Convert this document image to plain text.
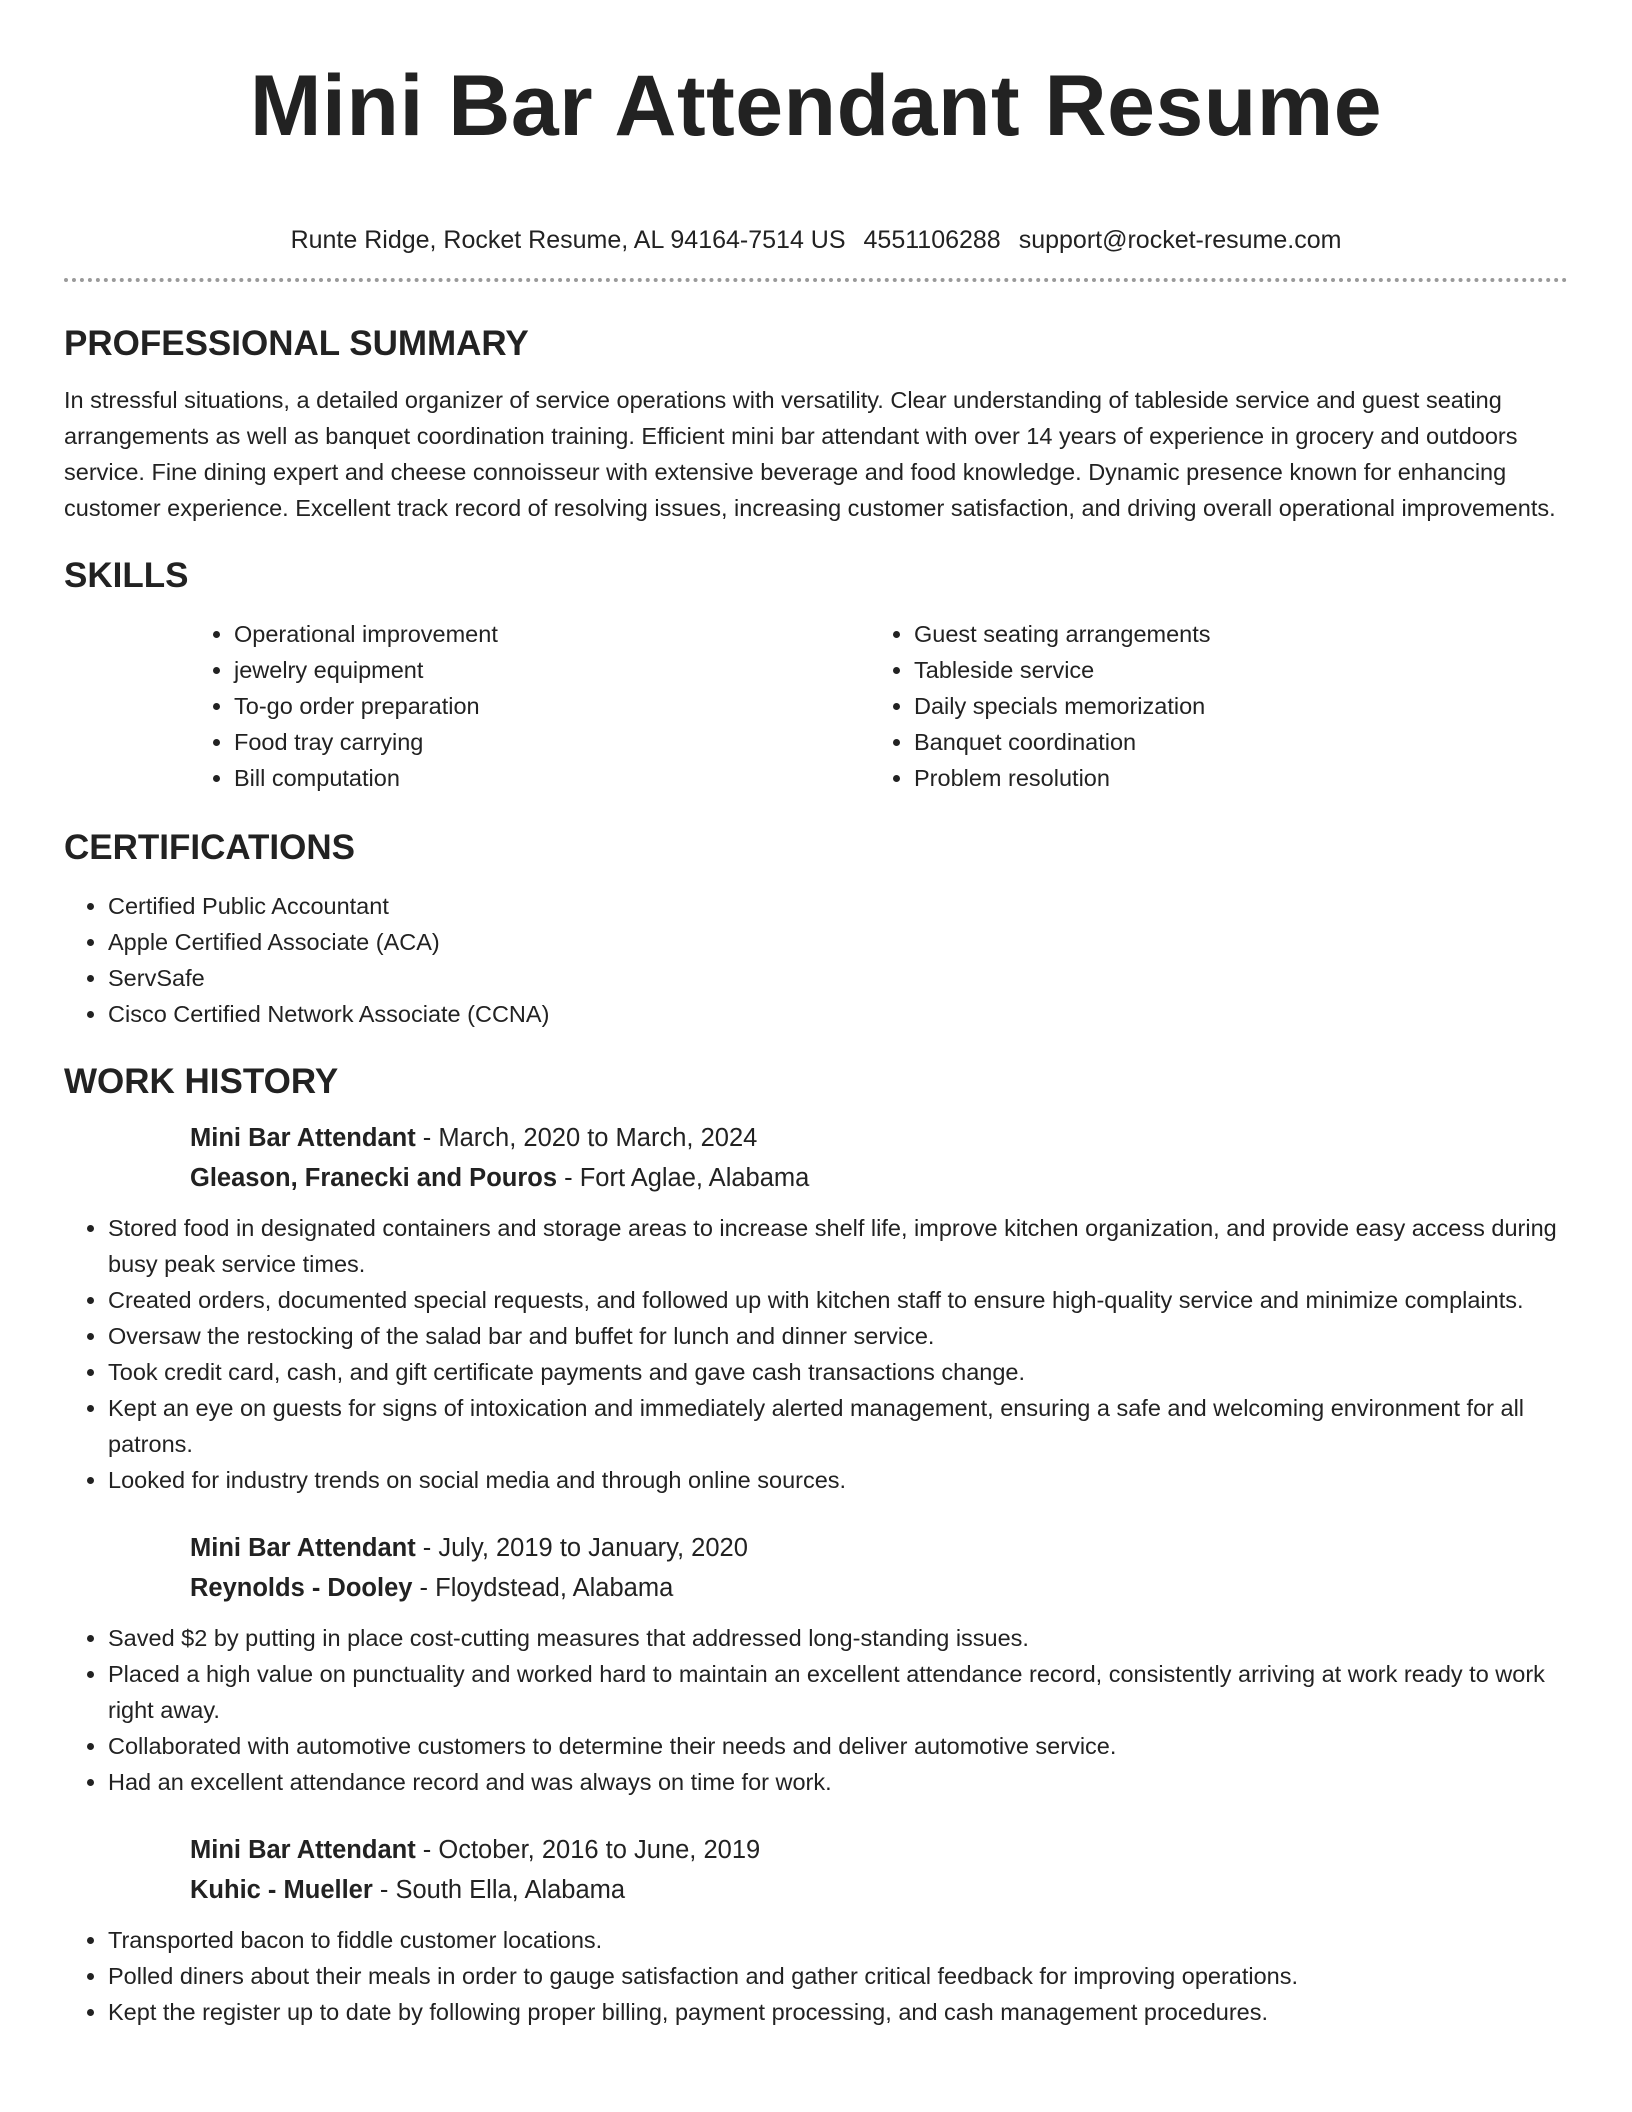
Mini Bar Attendant Resume
Runte Ridge, Rocket Resume, AL 94164-7514 US 4551106288 support@rocket-resume.com
PROFESSIONAL SUMMARY

In stressful situations, a detailed organizer of service operations with versatility. Clear understanding of tableside service and guest seating arrangements as well as banquet coordination training. Efficient mini bar attendant with over 14 years of experience in grocery and outdoors service. Fine dining expert and cheese connoisseur with extensive beverage and food knowledge. Dynamic presence known for enhancing customer experience. Excellent track record of resolving issues, increasing customer satisfaction, and driving overall operational improvements.

SKILLS
• Operational improvement
• jewelry equipment
• To-go order preparation
• Food tray carrying
• Bill computation
• Guest seating arrangements
• Tableside service
• Daily specials memorization
• Banquet coordination
• Problem resolution
CERTIFICATIONS
• Certified Public Accountant
• Apple Certified Associate (ACA)
• ServSafe
• Cisco Certified Network Associate (CCNA)
WORK HISTORY
Mini Bar Attendant - March, 2020 to March, 2024
Gleason, Franecki and Pouros - Fort Aglae, Alabama
• Stored food in designated containers and storage areas to increase shelf life, improve kitchen organization, and provide easy access during busy peak service times.
• Created orders, documented special requests, and followed up with kitchen staff to ensure high-quality service and minimize complaints.
• Oversaw the restocking of the salad bar and buffet for lunch and dinner service.
• Took credit card, cash, and gift certificate payments and gave cash transactions change.
• Kept an eye on guests for signs of intoxication and immediately alerted management, ensuring a safe and welcoming environment for all patrons.
• Looked for industry trends on social media and through online sources.
Mini Bar Attendant - July, 2019 to January, 2020
Reynolds - Dooley - Floydstead, Alabama
• Saved $2 by putting in place cost-cutting measures that addressed long-standing issues.
• Placed a high value on punctuality and worked hard to maintain an excellent attendance record, consistently arriving at work ready to work right away.
• Collaborated with automotive customers to determine their needs and deliver automotive service.
• Had an excellent attendance record and was always on time for work.
Mini Bar Attendant - October, 2016 to June, 2019
Kuhic - Mueller - South Ella, Alabama
• Transported bacon to fiddle customer locations.
• Polled diners about their meals in order to gauge satisfaction and gather critical feedback for improving operations.
• Kept the register up to date by following proper billing, payment processing, and cash management procedures.
